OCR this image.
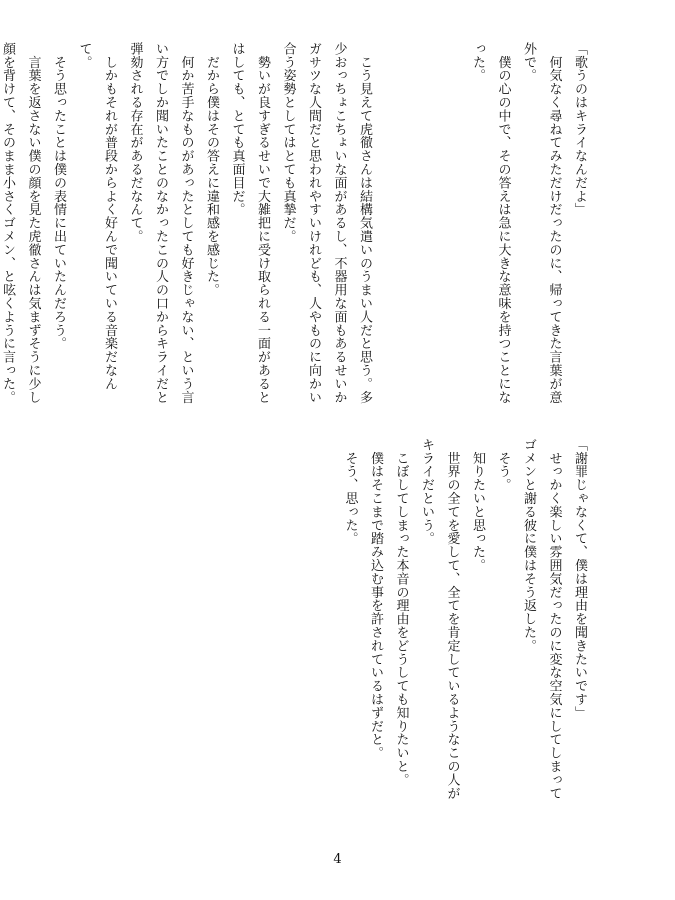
「歌うのはキライなんだよ」
　何気なく尋ねてみただけだったのに、帰ってきた言葉が意
外で。
　僕の心の中で、その答えは急に大きな意味を持つことにな
った。
　こう見えて虎徹さんは結構気遣いのうまい人だと思う。多
少おっちょこちょいな面があるし、不器用な面もあるせいか
ガサツな人間だと思われやすいけれども、人やものに向かい
合う姿勢としてはとても真摯だ。
　勢いが良すぎるせいで大雑把に受け取られる一面があると
はしても、とても真面目だ。
　だから僕はその答えに違和感を感じた。
　何か苦手なものがあったとしても好きじゃない、という言
い方でしか聞いたことのなかったこの人の口からキライだと
弾劾される存在があるだなんて。
　しかもそれが普段からよく好んで聞いている音楽だなん
て。
　そう思ったことは僕の表情に出ていたんだろう。
　言葉を返さない僕の顔を見た虎徹さんは気まずそうに少し
顔を背けて、そのまま小さくゴメン、と呟くように言った。
「謝罪じゃなくて、僕は理由を聞きたいです」
　せっかく楽しい雰囲気だったのに変な空気にしてしまって
ゴメンと謝る彼に僕はそう返した。
　そう。
　知りたいと思った。
　世界の全てを愛して、全てを肯定しているようなこの人が
キライだという。
　こぼしてしまった本音の理由をどうしても知りたいと。
　僕はそこまで踏み込む事を許されているはずだと。
　そう、思った。
4
